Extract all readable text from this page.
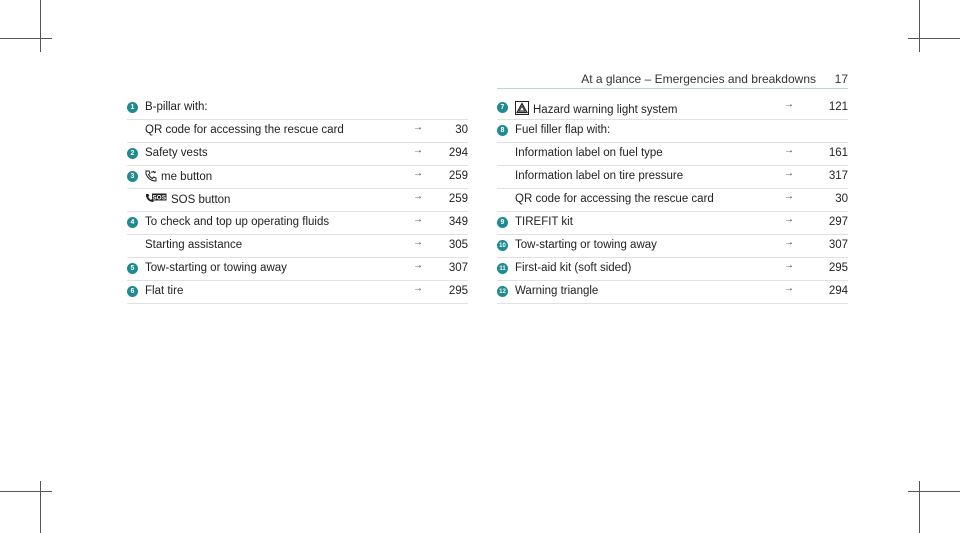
At a glance – Emergencies and breakdowns 17
1 B-pillar with:
QR code for accessing the rescue card	→	30
2 Safety vests	→ 294
3	me button	→ 259
SOS SOS button	→ 259
4 To check and top up operating fluids	→ 349
Starting assistance	→ 305
5 Tow-starting or towing away	→ 307
6 Flat tire	→ 295
7	Hazard warning light system	→	121
8 Fuel filler flap with:
Information label on fuel type	→	161
Information label on tire pressure	→	317
QR code for accessing the rescue card	→	30
9 TIREFIT kit	→	297
10 Tow-starting or towing away	→	307
11 First-aid kit (soft sided)	→	295
12 Warning triangle	→	294
